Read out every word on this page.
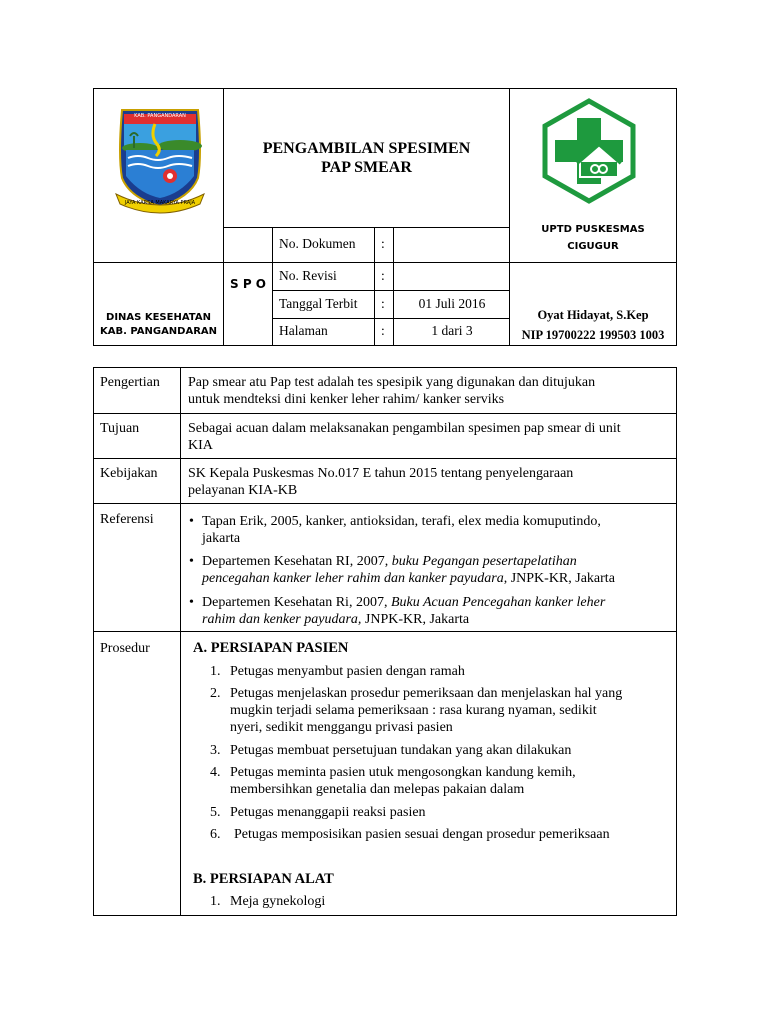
KAB. PANGANDARAN
JAYA KARSA MAKARYA PRAJA
PENGAMBILAN SPESIMEN
PAP SMEAR
UPTD PUSKESMAS
CIGUGUR
S P O
DINAS KESEHATAN
KAB. PANGANDARAN
No. Dokumen :
No. Revisi	:
Tanggal Terbit :	01 Juli 2016
Halaman	:	1 dari 3
Oyat Hidayat, S.Kep
NIP 19700222 199503 1003
Pengertian Pap smear atu Pap test adalah tes spesipik yang digunakan dan ditujukan
untuk mendteksi dini kenker leher rahim/ kanker serviks
Tujuan	Sebagai acuan dalam melaksanakan pengambilan spesimen pap smear di unit
KIA
Kebijakan SK Kepala Puskesmas No.017 E tahun 2015 tentang penyelengaraan
pelayanan KIA-KB
Referensi	• Tapan Erik, 2005, kanker, antioksidan, terafi, elex media komuputindo,
jakarta
• Departemen Kesehatan RI, 2007, buku Pegangan pesertapelatihan
pencegahan kanker leher rahim dan kanker payudara, JNPK-KR, Jakarta
• Departemen Kesehatan Ri, 2007, Buku Acuan Pencegahan kanker leher
rahim dan kenker payudara, JNPK-KR, Jakarta
Prosedur	A. PERSIAPAN PASIEN
1. Petugas menyambut pasien dengan ramah
2. Petugas menjelaskan prosedur pemeriksaan dan menjelaskan hal yang
mugkin terjadi selama pemeriksaan : rasa kurang nyaman, sedikit
nyeri, sedikit menggangu privasi pasien
3. Petugas membuat persetujuan tundakan yang akan dilakukan
4. Petugas meminta pasien utuk mengosongkan kandung kemih,
membersihkan genetalia dan melepas pakaian dalam
5. Petugas menanggapii reaksi pasien
6. Petugas memposisikan pasien sesuai dengan prosedur pemeriksaan
B. PERSIAPAN ALAT
1. Meja gynekologi
